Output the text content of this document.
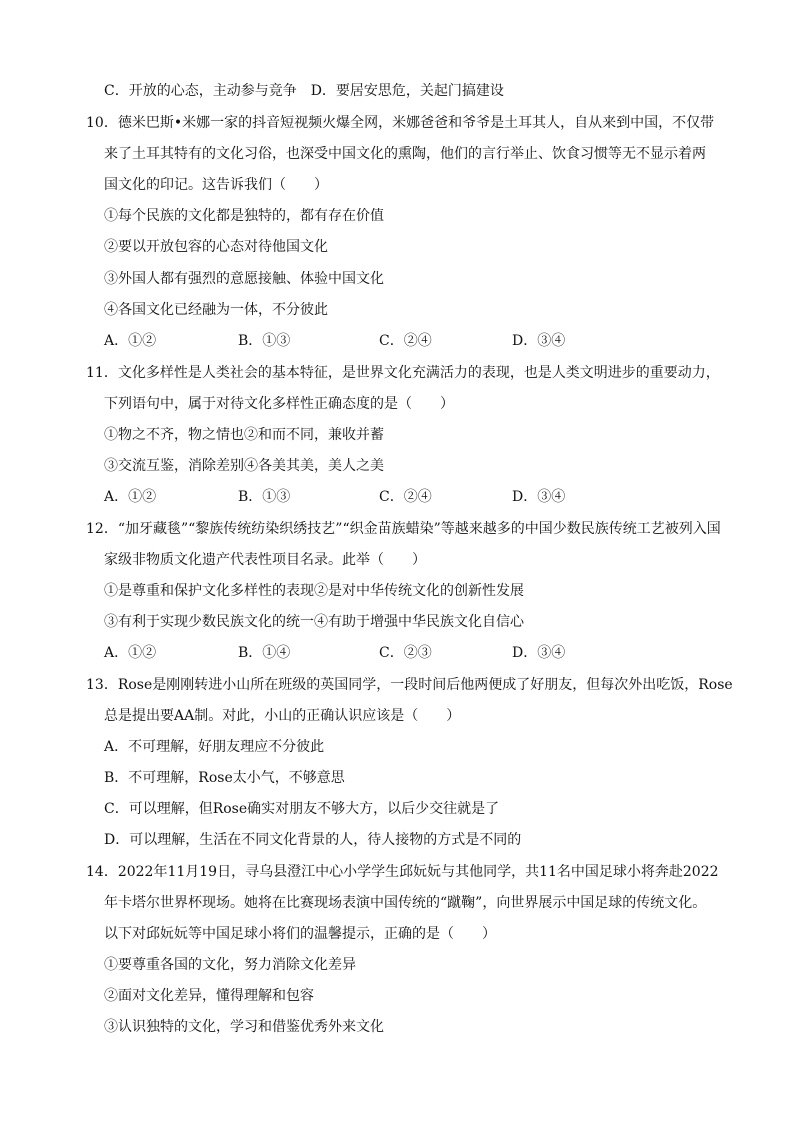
C．开放的心态，主动参与竞争　D．要居安思危，关起门搞建设
10．德米巴斯•米娜一家的抖音短视频火爆全网，米娜爸爸和爷爷是土耳其人，自从来到中国，不仅带
来了土耳其特有的文化习俗，也深受中国文化的熏陶，他们的言行举止、饮食习惯等无不显示着两
国文化的印记。这告诉我们（　　）
①每个民族的文化都是独特的，都有存在价值
②要以开放包容的心态对待他国文化
③外国人都有强烈的意愿接触、体验中国文化
④各国文化已经融为一体，不分彼此
A．①②	B．①③	C．②④	D．③④
11．文化多样性是人类社会的基本特征，是世界文化充满活力的表现，也是人类文明进步的重要动力，
下列语句中，属于对待文化多样性正确态度的是（　　）
①物之不齐，物之情也②和而不同，兼收并蓄
③交流互鉴，消除差别④各美其美，美人之美
A．①②	B．①③	C．②④	D．③④
12．“加牙藏毯”“黎族传统纺染织绣技艺”“织金苗族蜡染”等越来越多的中国少数民族传统工艺被列入国
家级非物质文化遗产代表性项目名录。此举（　　）
①是尊重和保护文化多样性的表现②是对中华传统文化的创新性发展
③有利于实现少数民族文化的统一④有助于增强中华民族文化自信心
A．①②	B．①④	C．②③	D．③④
13．Rose是刚刚转进小山所在班级的英国同学，一段时间后他两便成了好朋友，但每次外出吃饭，Rose
总是提出要AA制。对此，小山的正确认识应该是（　　）
A．不可理解，好朋友理应不分彼此
B．不可理解，Rose太小气，不够意思
C．可以理解，但Rose确实对朋友不够大方，以后少交往就是了
D．可以理解，生活在不同文化背景的人，待人接物的方式是不同的
14．2022年11月19日，寻乌县澄江中心小学学生邱妧妧与其他同学，共11名中国足球小将奔赴2022
年卡塔尔世界杯现场。她将在比赛现场表演中国传统的“蹴鞠”，向世界展示中国足球的传统文化。
以下对邱妧妧等中国足球小将们的温馨提示，正确的是（　　）
①要尊重各国的文化，努力消除文化差异
②面对文化差异，懂得理解和包容
③认识独特的文化，学习和借鉴优秀外来文化
